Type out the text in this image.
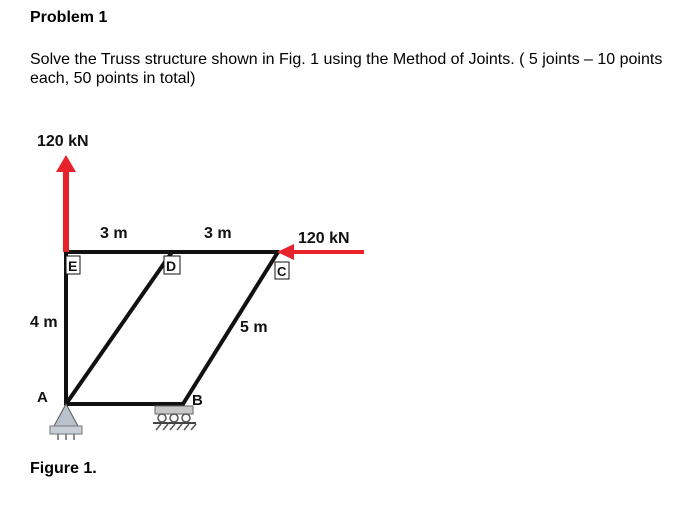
Problem 1
Solve the Truss structure shown in Fig. 1 using the Method of Joints. ( 5 joints – 10 points each, 50 points in total)
120 kN
120 kN
3 m	3 m
4 m	5 m
E	D	C
B
A
Figure 1.
